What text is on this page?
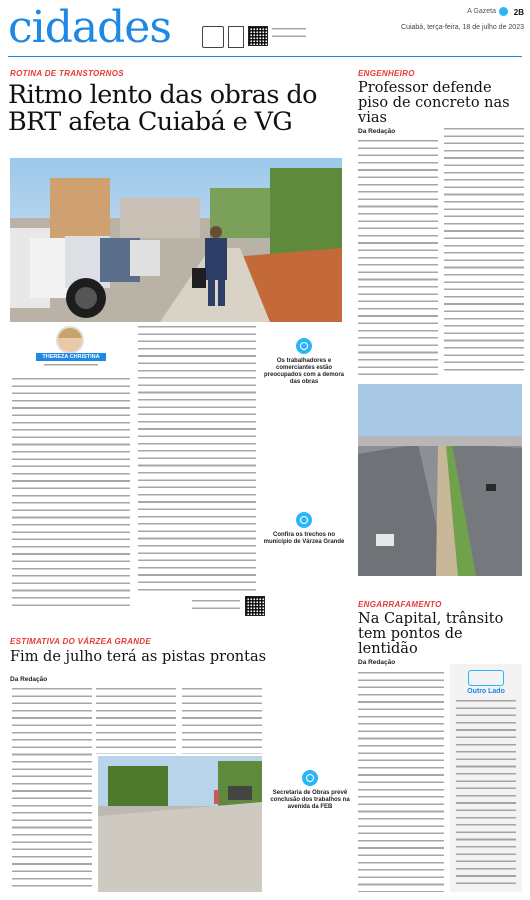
cidades	A Gazeta 2B
Cuiabá, terça-feira, 18 de julho de 2023
ROTINA DE TRANSTORNOS
Ritmo lento das obras do BRT afeta Cuiabá e VG
THEREZA CHRISTINA
Os trabalhadores e comerciantes estão preocupados com a demora das obras
Confira os trechos no município de Várzea Grande
ENGENHEIRO
Professor defende piso de concreto nas vias
Da Redação
ENGARRAFAMENTO
Na Capital, trânsito tem pontos de lentidão
Da Redação
Outro Lado
ESTIMATIVA DO VÁRZEA GRANDE
Fim de julho terá as pistas prontas
Da Redação
Secretaria de Obras prevê conclusão dos trabalhos na avenida da FEB
